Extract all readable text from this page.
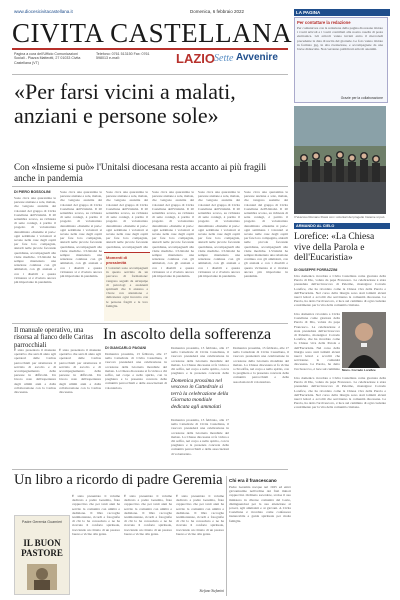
www.diocesicivitacastellana.it	Domenica, 6 febbraio 2022
CIVITA CASTELLANA
Pagina a cura dell'Ufficio Comunicazioni Sociali - Piazza Matteotti, 27 01033 Civita Castellana (VT)
Telefono: 0761 513150 Fax: 0761 598013 e-mail:	LAZIO Sette Avvenire
«Per farsi vicini a malati, anziani e persone sole»
Con «Insieme si può» l'Unitalsi diocesana resta accanto ai più fragili anche in pandemia
DI PIERO BOSSOLINI
Sono circa una quarantina le persone anziane e sole, malate, che vengono assistite dai volontari del gruppo di Civita Castellana dell'Unitalsi. Il 20 settembre scorso, su richiesta di sette coniugi, è partito il progetto di volontariato denominato «Insieme si può»: ogni settimana i volontari si recano nelle case degli ospiti per fare loro compagnia, aiutarli nelle piccole faccende quotidiane, accompagnarli alle visite mediche. L'Unitalsi ha sempre mantenuto una relazione continua con gli ammalati, con gli anziani e con i disabili e questa vicinanza si è rivelata ancora più importante in pandemia.
Sono circa una quarantina le persone anziane e sole, malate, che vengono assistite dai volontari del gruppo di Civita Castellana dell'Unitalsi. Il 20 settembre scorso, su richiesta di sette coniugi, è partito il progetto di volontariato denominato «Insieme si può»: ogni settimana i volontari si recano nelle case degli ospiti per fare loro compagnia, aiutarli nelle piccole faccende quotidiane, accompagnarli alle visite mediche. L'Unitalsi ha sempre mantenuto una relazione continua con gli ammalati, con gli anziani e con i disabili e questa vicinanza si è rivelata ancora più importante in pandemia.
Sono circa una quarantina le persone anziane e sole, malate, che vengono assistite dai volontari del gruppo di Civita Castellana dell'Unitalsi. Il 20 settembre scorso, su richiesta di sette coniugi, è partito il progetto di volontariato denominato «Insieme si può»: ogni settimana i volontari si recano nelle case degli ospiti per fare loro compagnia, aiutarli nelle piccole faccende quotidiane, accompagnarli alle
Momenti di prossimità
I volontari sono accompagnati in questo servizio da un percorso di formazione: vengono seguiti da un'équipe di psicologi e assistenti spirituali che li aiutano a vivere con attenzione e delicatezza ogni incontro con le persone fragili e le loro famiglie.
Sono circa una quarantina le persone anziane e sole, malate, che vengono assistite dai volontari del gruppo di Civita Castellana dell'Unitalsi. Il 20 settembre scorso, su richiesta di sette coniugi, è partito il progetto di volontariato denominato «Insieme si può»: ogni settimana i volontari si recano nelle case degli ospiti per fare loro compagnia, aiutarli nelle piccole faccende quotidiane, accompagnarli alle visite mediche. L'Unitalsi ha sempre mantenuto una relazione continua con gli ammalati, con gli anziani e con i disabili e questa vicinanza si è rivelata ancora più importante in pandemia.
Sono circa una quarantina le persone anziane e sole, malate, che vengono assistite dai volontari del gruppo di Civita Castellana dell'Unitalsi. Il 20 settembre scorso, su richiesta di sette coniugi, è partito il progetto di volontariato denominato «Insieme si può»: ogni settimana i volontari si recano nelle case degli ospiti per fare loro compagnia, aiutarli nelle piccole faccende quotidiane, accompagnarli alle visite mediche. L'Unitalsi ha sempre mantenuto una relazione continua con gli ammalati, con gli anziani e con i disabili e questa vicinanza si è rivelata ancora più importante in pandemia.
Sono circa una quarantina le persone anziane e sole, malate, che vengono assistite dai volontari del gruppo di Civita Castellana dell'Unitalsi. Il 20 settembre scorso, su richiesta di sette coniugi, è partito il progetto di volontariato denominato «Insieme si può»: ogni settimana i volontari si recano nelle case degli ospiti per fare loro compagnia, aiutarli nelle piccole faccende quotidiane, accompagnarli alle visite mediche. L'Unitalsi ha sempre mantenuto una relazione continua con gli ammalati, con gli anziani e con i disabili e questa vicinanza si è rivelata ancora più importante in pandemia.
LA PAGINA
Per contattare la redazione
Per comunicare con la redazione della pagina diocesana inviate i vostri articoli e i vostri contributi alla nostra casella di posta elettronica. Gli articoli vanno inviati entro il mercoledì precedente la data di uscita del giornale. Le foto vanno inviate in formato jpg, in alta risoluzione, e accompagnate da una breve didascalia. Non verranno pubblicati articoli anonimi.
Grazie per la collaborazione
Il Vescovo Romano Rossi con i volontari del progetto Insieme si può
ARMANDO AL CIELO
Lorefice: «La Chiesa vive della Parola e dell'Eucaristia»
DI GIUSEPPE PORRAZZINI
Una domenica ricordata a Civita Castellana come giornata della Parola di Dio, voluta da papa Francesco. La celebrazione è stata presieduta dall'arcivescovo di Palermo, monsignor Corrado Lorefice, che ha ricordato come la Chiesa viva della Parola e dell'Eucaristia. Nel corso della liturgia sono stati istituiti alcuni nuovi lettori e accoliti che serviranno la comunità diocesana. La Parola, ha detto l'arcivescovo, è luce sul cammino di ogni credente e nutrimento per la vita della comunità cristiana.
Una domenica ricordata a Civita Castellana come giornata della Parola di Dio, voluta da papa Francesco. La celebrazione è stata presieduta dall'arcivescovo di Palermo, monsignor Corrado Lorefice, che ha ricordato come la Chiesa viva della Parola e dell'Eucaristia. Nel corso della liturgia sono stati istituiti alcuni nuovi lettori e accoliti che serviranno la comunità diocesana. La Parola, ha detto l'arcivescovo, è luce sul cammino Mons. Corrado Lorefice
Una domenica ricordata a Civita Castellana come giornata della Parola di Dio, voluta da papa Francesco. La celebrazione è stata presieduta dall'arcivescovo di Palermo, monsignor Corrado Lorefice, che ha ricordato come la Chiesa viva della Parola e dell'Eucaristia. Nel corso della liturgia sono stati istituiti alcuni nuovi lettori e accoliti che serviranno la comunità diocesana. La Parola, ha detto l'arcivescovo, è luce sul cammino di ogni credente e nutrimento per la vita della comunità cristiana.
Il manuale operativo, una risorsa al fianco delle Caritas parrocchiali
È stato presentato il manuale operativo che sarà di aiuto agli operatori delle Caritas parrocchiali per strutturare il servizio di ascolto e di accompagnamento delle persone in difficoltà. Un lavoro nato dall'esperienza degli ultimi anni e dalla collaborazione con la Caritas diocesana.
È stato presentato il manuale operativo che sarà di aiuto agli operatori delle Caritas parrocchiali per strutturare il servizio di ascolto e di accompagnamento delle persone in difficoltà. Un lavoro nato dall'esperienza degli ultimi anni e dalla collaborazione con la Caritas diocesana.
In ascolto della sofferenza
DI GIANCARLO PAGANI
Domenica prossima, 13 febbraio, alle 17 nella Cattedrale di Civita Castellana, il vescovo presiederà una celebrazione in occasione della Giornata mondiale del malato. La Chiesa diocesana si fa vicina a chi soffre, nel corpo e nello spirito, con la preghiera e la presenza concreta delle comunità parrocchiali e delle associazioni di volontariato.
Domenica prossima, 13 febbraio, alle 17 nella Cattedrale di Civita Castellana, il vescovo presiederà una celebrazione in occasione della Giornata mondiale del malato. La Chiesa diocesana si fa vicina a chi soffre, nel corpo e nello spirito, con la preghiera e la presenza concreta delle
Domenica prossima nel vescovo in Cattedrale si terrà la celebrazione della Giornata mondiale dedicata agli ammalati
Domenica prossima, 13 febbraio, alle 17 nella Cattedrale di Civita Castellana, il vescovo presiederà una celebrazione in occasione della Giornata mondiale del malato. La Chiesa diocesana si fa vicina a chi soffre, nel corpo e nello spirito, con la preghiera e la presenza concreta delle comunità parrocchiali e delle associazioni di volontariato.
Domenica prossima, 13 febbraio, alle 17 nella Cattedrale di Civita Castellana, il vescovo presiederà una celebrazione in occasione della Giornata mondiale del malato. La Chiesa diocesana si fa vicina a chi soffre, nel corpo e nello spirito, con la preghiera e la presenza concreta delle comunità parrocchiali e delle associazioni di volontariato.
Un libro a ricordo di padre Geremia
Padre Geremia Guarnieri
IL BUON PASTORE
È stato presentato il volume dedicato a padre Geremia, frate cappuccino che per tanti anni ha servito la comunità con umiltà e dedizione. Il libro raccoglie testimonianze, ricordi e fotografie di chi lo ha conosciuto e ne ha ricevuto il conforto spirituale, tracciando un ritratto di un pastore buono e vicino alla gente.
È stato presentato il volume dedicato a padre Geremia, frate cappuccino che per tanti anni ha servito la comunità con umiltà e dedizione. Il libro raccoglie testimonianze, ricordi e fotografie di chi lo ha conosciuto e ne ha ricevuto il conforto spirituale, tracciando un ritratto di un pastore buono e vicino alla gente.
È stato presentato il volume dedicato a padre Geremia, frate cappuccino che per tanti anni ha servito la comunità con umiltà e dedizione. Il libro raccoglie testimonianze, ricordi e fotografie di chi lo ha conosciuto e ne ha ricevuto il conforto spirituale, tracciando un ritratto di un pastore buono e vicino alla gente.
Stefano Stefanini
Chi era il francescano
Padre Geremia nacque nel 1925 ed entrò giovanissimo nell'ordine dei frati minori cappuccini. Ordinato sacerdote, svolse il suo ministero in diverse comunità del Lazio, distinguendosi per la sua attenzione ai poveri, agli ammalati e ai giovani. A Civita Castellana è ricordato come confessore instancabile e guida spirituale per molte famiglie.
